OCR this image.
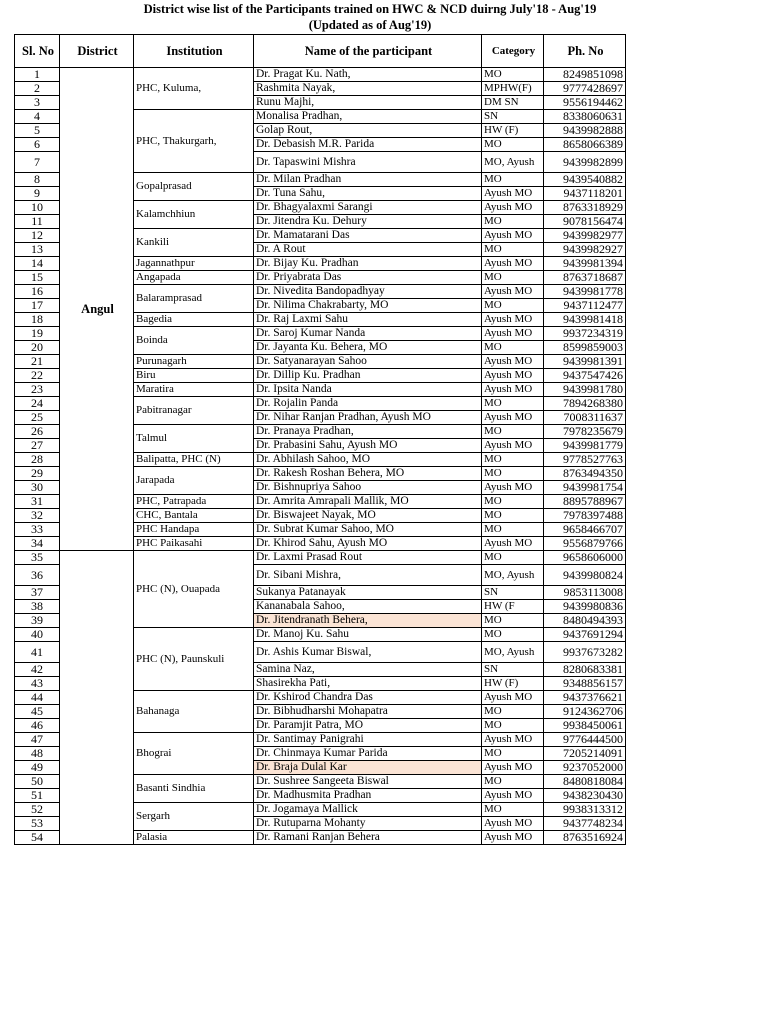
District wise list of the Participants trained on HWC & NCD duirng July'18 - Aug'19
(Updated as of Aug'19)
Sl. No	District	Institution	Name of the participant	Category	Ph. No
1	Angul	PHC, Kuluma,	Dr. Pragat Ku. Nath,	MO	8249851098
2			Rashmita Nayak,	MPHW(F)	9777428697
3			Runu Majhi,	DM SN	9556194462
4		PHC, Thakurgarh,	Monalisa Pradhan,	SN	8338060631
5			Golap Rout,	HW (F)	9439982888
6			Dr. Debasish M.R. Parida	MO	8658066389
7			Dr. Tapaswini Mishra	MO, Ayush	9439982899
8		Gopalprasad	Dr. Milan Pradhan	MO	9439540882
9			Dr. Tuna Sahu,	Ayush MO	9437118201
10		Kalamchhiun	Dr. Bhagyalaxmi Sarangi	Ayush MO	8763318929
11			Dr. Jitendra Ku. Dehury	MO	9078156474
12		Kankili	Dr. Mamatarani Das	Ayush MO	9439982977
13			Dr. A Rout	MO	9439982927
14		Jagannathpur	Dr. Bijay Ku. Pradhan	Ayush MO	9439981394
15		Angapada	Dr. Priyabrata Das	MO	8763718687
16		Balaramprasad	Dr. Nivedita Bandopadhyay	Ayush MO	9439981778
17			Dr. Nilima Chakrabarty, MO	MO	9437112477
18		Bagedia	Dr. Raj Laxmi Sahu	Ayush MO	9439981418
19		Boinda	Dr. Saroj Kumar Nanda	Ayush MO	9937234319
20			Dr. Jayanta Ku. Behera, MO	MO	8599859003
21		Purunagarh	Dr. Satyanarayan Sahoo	Ayush MO	9439981391
22		Biru	Dr. Dillip Ku. Pradhan	Ayush MO	9437547426
23		Maratira	Dr. Ipsita Nanda	Ayush MO	9439981780
24		Pabitranagar	Dr. Rojalin Panda	MO	7894268380
25			Dr. Nihar Ranjan Pradhan, Ayush MO	Ayush MO	7008311637
26		Talmul	Dr. Pranaya Pradhan,	MO	7978235679
27			Dr. Prabasini Sahu, Ayush MO	Ayush MO	9439981779
28		Balipatta, PHC (N)	Dr. Abhilash Sahoo, MO	MO	9778527763
29		Jarapada	Dr. Rakesh Roshan Behera, MO	MO	8763494350
30			Dr. Bishnupriya Sahoo	Ayush MO	9439981754
31		PHC, Patrapada	Dr. Amrita Amrapali Mallik, MO	MO	8895788967
32		CHC, Bantala	Dr. Biswajeet Nayak, MO	MO	7978397488
33		PHC Handapa	Dr. Subrat Kumar Sahoo, MO	MO	9658466707
34		PHC Paikasahi	Dr. Khirod Sahu, Ayush MO	Ayush MO	9556879766
35		PHC (N), Ouapada	Dr. Laxmi Prasad Rout	MO	9658606000
36			Dr. Sibani Mishra,	MO, Ayush	9439980824
37			Sukanya Patanayak	SN	9853113008
38			Kananabala Sahoo,	HW (F	9439980836
39			Dr. Jitendranath Behera,	MO	8480494393
40		PHC (N), Paunskuli	Dr. Manoj Ku. Sahu	MO	9437691294
41			Dr. Ashis Kumar Biswal,	MO, Ayush	9937673282
42			Samina Naz,	SN	8280683381
43			Shasirekha Pati,	HW (F)	9348856157
44		Bahanaga	Dr. Kshirod Chandra Das	Ayush MO	9437376621
45			Dr. Bibhudharshi Mohapatra	MO	9124362706
46			Dr. Paramjit Patra, MO	MO	9938450061
47		Bhograi	Dr. Santimay Panigrahi	Ayush MO	9776444500
48			Dr. Chinmaya Kumar Parida	MO	7205214091
49			Dr. Braja Dulal Kar	Ayush MO	9237052000
50		Basanti Sindhia	Dr. Sushree Sangeeta Biswal	MO	8480818084
51			Dr. Madhusmita Pradhan	Ayush MO	9438230430
52		Sergarh	Dr. Jogamaya Mallick	MO	9938313312
53			Dr. Rutuparna Mohanty	Ayush MO	9437748234
54		Palasia	Dr. Ramani Ranjan Behera	Ayush MO	8763516924
